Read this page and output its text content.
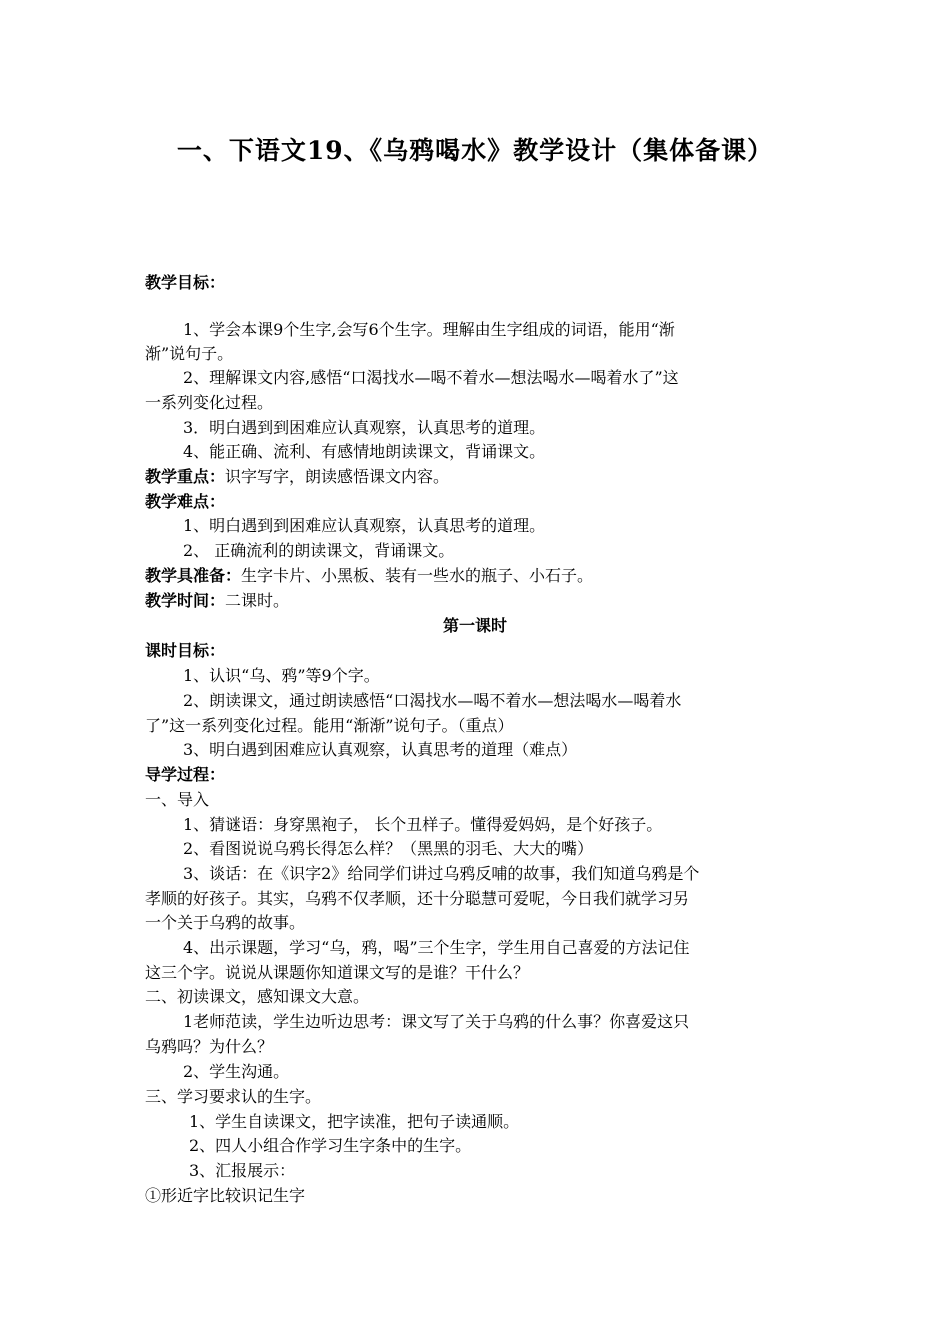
一、下语文19、《乌鸦喝水》教学设计（集体备课）
教学目标：
1、学会本课9个生字,会写6个生字。理解由生字组成的词语，能用“渐
渐”说句子。
2、理解课文内容,感悟“口渴找水—喝不着水—想法喝水—喝着水了”这
一系列变化过程。
3．明白遇到到困难应认真观察，认真思考的道理。
4、能正确、流利、有感情地朗读课文，背诵课文。
教学重点：识字写字，朗读感悟课文内容。
教学难点：
1、明白遇到到困难应认真观察，认真思考的道理。
2、 正确流利的朗读课文，背诵课文。
教学具准备：生字卡片、小黑板、装有一些水的瓶子、小石子。
教学时间：二课时。
第一课时
课时目标：
1、认识“乌、鸦”等9个字。
2、朗读课文，通过朗读感悟“口渴找水—喝不着水—想法喝水—喝着水
了”这一系列变化过程。能用“渐渐”说句子。（重点）
3、明白遇到困难应认真观察，认真思考的道理（难点）
导学过程：
一、导入
1、猜谜语：身穿黑袍子， 长个丑样子。懂得爱妈妈，是个好孩子。
2、看图说说乌鸦长得怎么样？（黑黑的羽毛、大大的嘴）
3、谈话：在《识字2》给同学们讲过乌鸦反哺的故事，我们知道乌鸦是个
孝顺的好孩子。其实，乌鸦不仅孝顺，还十分聪慧可爱呢，今日我们就学习另
一个关于乌鸦的故事。
4、出示课题，学习“乌，鸦，喝”三个生字，学生用自己喜爱的方法记住
这三个字。说说从课题你知道课文写的是谁？干什么？
二、初读课文，感知课文大意。
1老师范读，学生边听边思考：课文写了关于乌鸦的什么事？你喜爱这只
乌鸦吗？为什么？
2、学生沟通。
三、学习要求认的生字。
1、学生自读课文，把字读准，把句子读通顺。
2、四人小组合作学习生字条中的生字。
3、汇报展示：
①形近字比较识记生字
